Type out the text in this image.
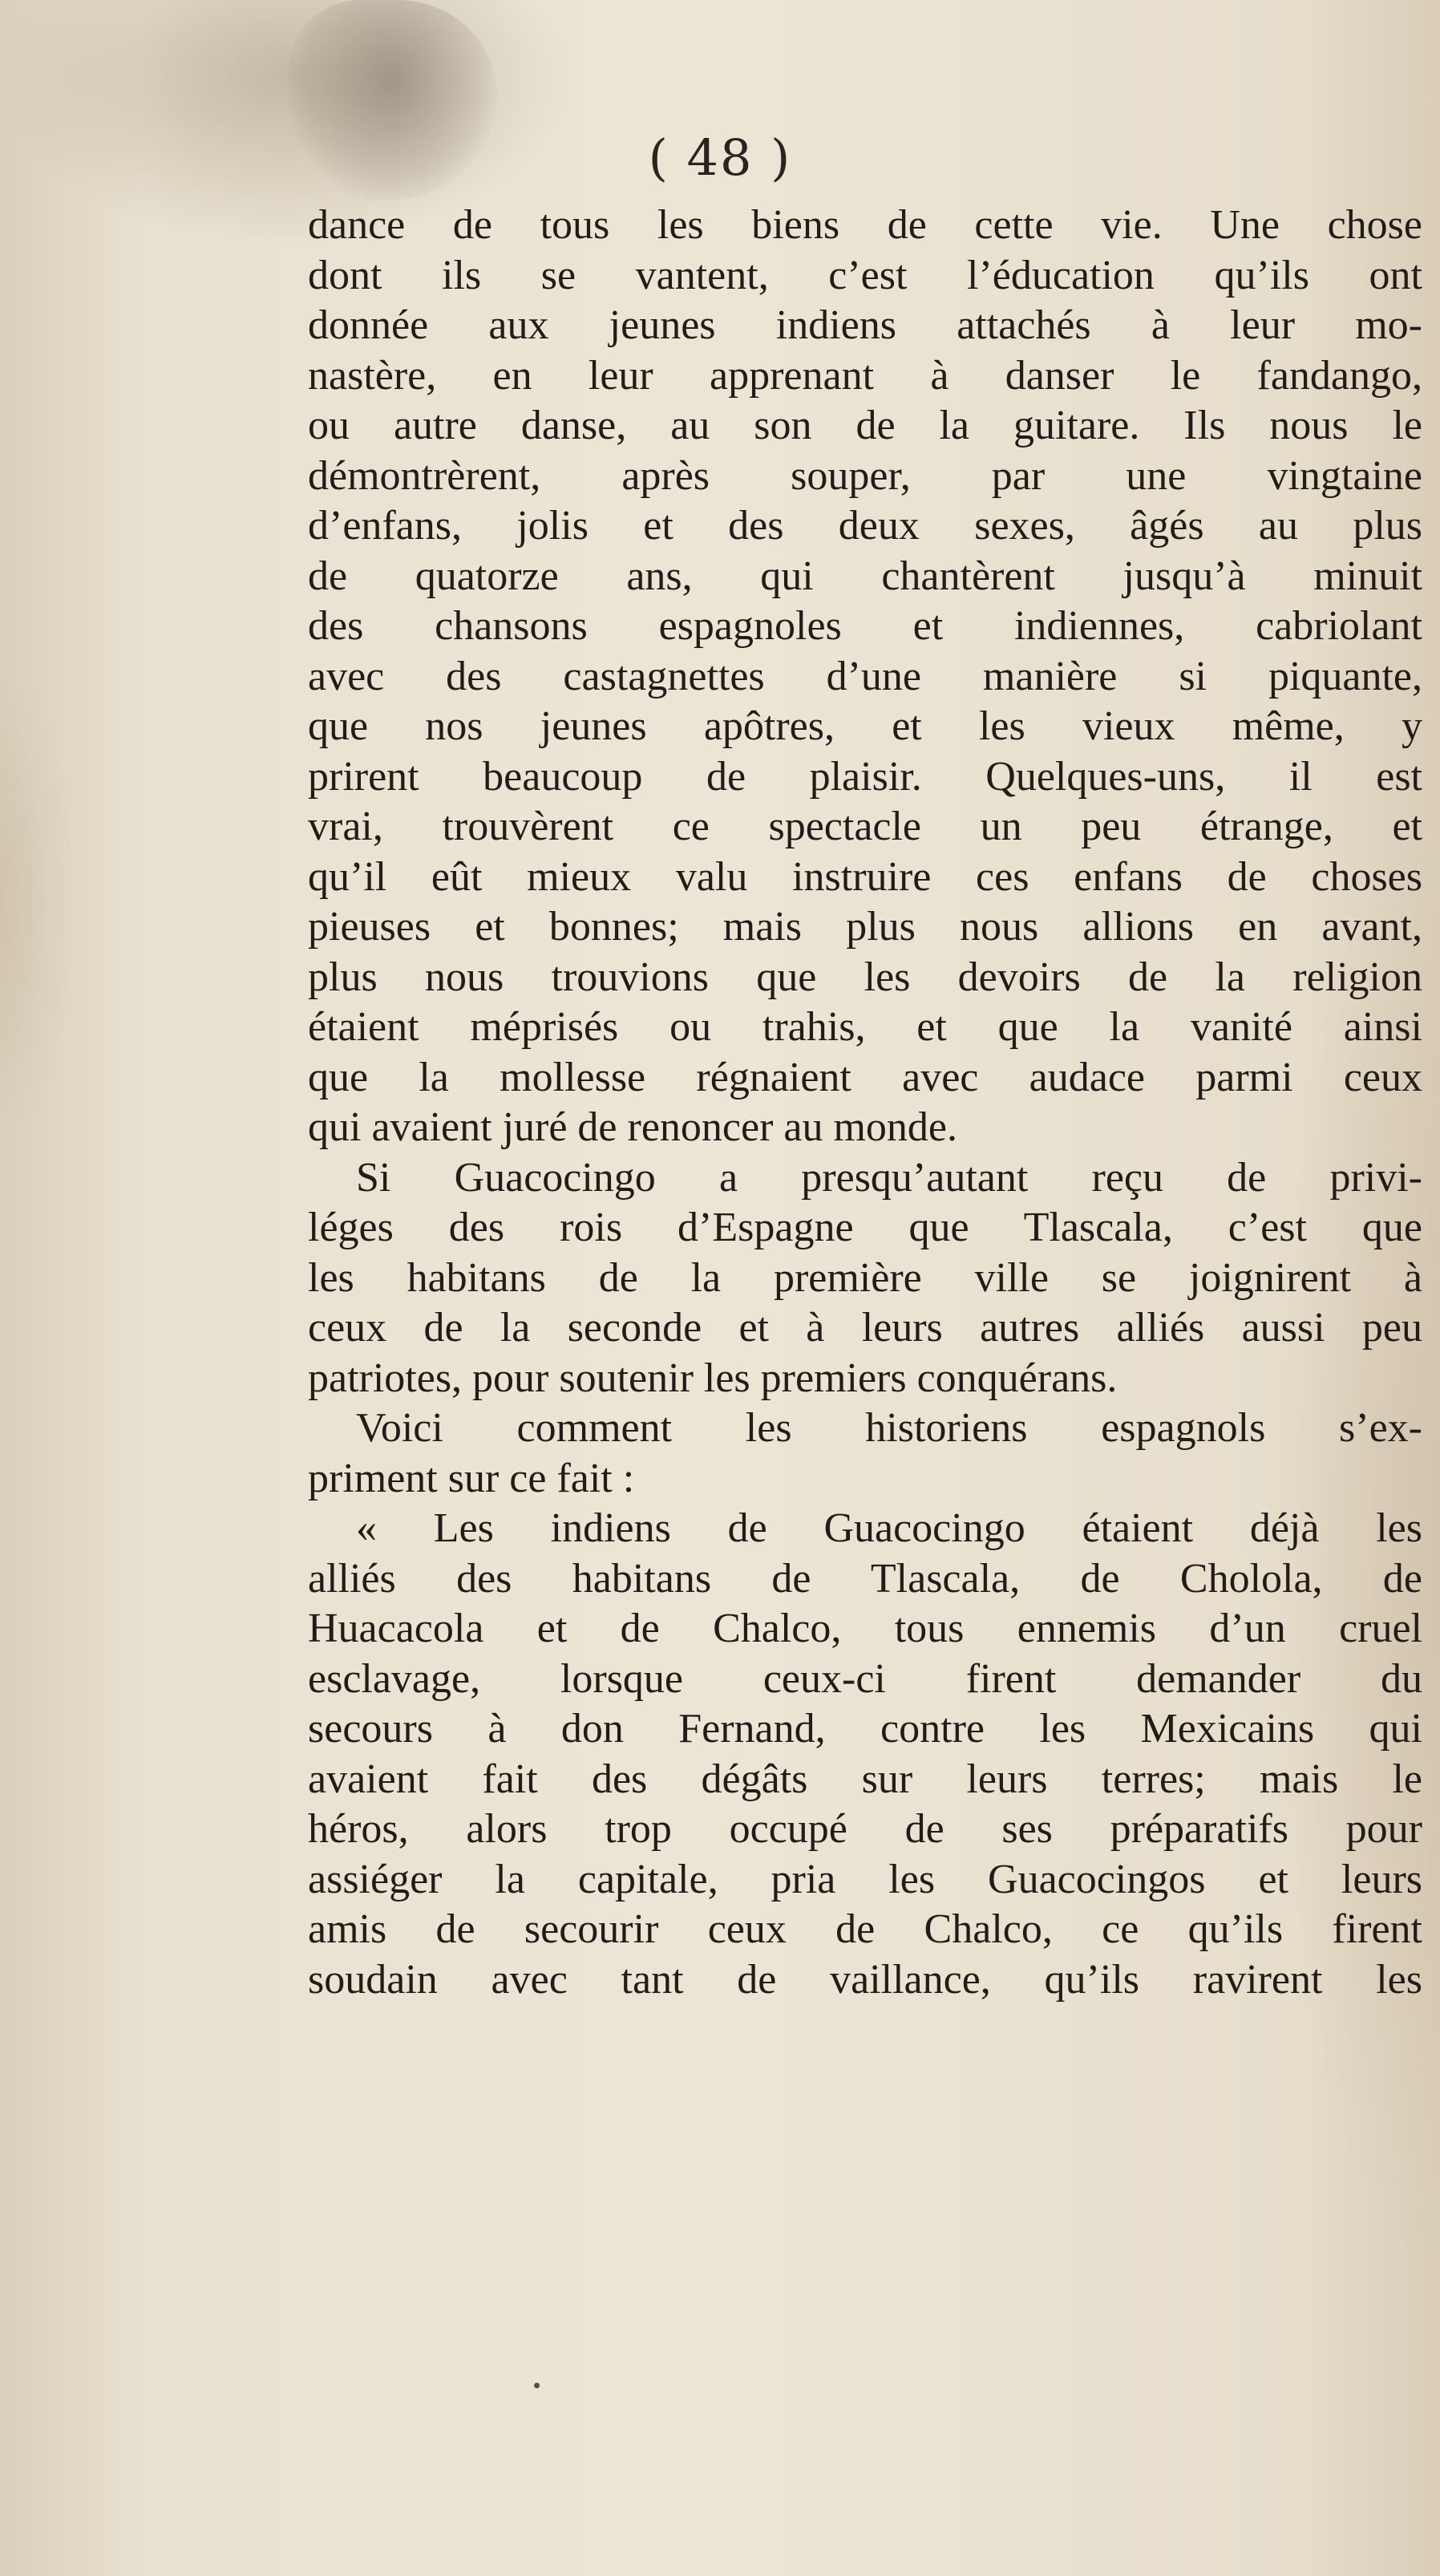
( 48 )
dance de tous les biens de cette vie. Une chose
dont ils se vantent, c’est l’éducation qu’ils ont
donnée aux jeunes indiens attachés à leur mo-
nastère, en leur apprenant à danser le fandango,
ou autre danse, au son de la guitare. Ils nous le
démontrèrent, après souper, par une vingtaine
d’enfans, jolis et des deux sexes, âgés au plus
de quatorze ans, qui chantèrent jusqu’à minuit
des chansons espagnoles et indiennes, cabriolant
avec des castagnettes d’une manière si piquante,
que nos jeunes apôtres, et les vieux même, y
prirent beaucoup de plaisir. Quelques-uns, il est
vrai, trouvèrent ce spectacle un peu étrange, et
qu’il eût mieux valu instruire ces enfans de choses
pieuses et bonnes; mais plus nous allions en avant,
plus nous trouvions que les devoirs de la religion
étaient méprisés ou trahis, et que la vanité ainsi
que la mollesse régnaient avec audace parmi ceux
qui avaient juré de renoncer au monde.
Si Guacocingo a presqu’autant reçu de privi-
léges des rois d’Espagne que Tlascala, c’est que
les habitans de la première ville se joignirent à
ceux de la seconde et à leurs autres alliés aussi peu
patriotes, pour soutenir les premiers conquérans.
Voici comment les historiens espagnols s’ex-
priment sur ce fait :
« Les indiens de Guacocingo étaient déjà les
alliés des habitans de Tlascala, de Cholola, de
Huacacola et de Chalco, tous ennemis d’un cruel
esclavage, lorsque ceux-ci firent demander du
secours à don Fernand, contre les Mexicains qui
avaient fait des dégâts sur leurs terres; mais le
héros, alors trop occupé de ses préparatifs pour
assiéger la capitale, pria les Guacocingos et leurs
amis de secourir ceux de Chalco, ce qu’ils firent
soudain avec tant de vaillance, qu’ils ravirent les
